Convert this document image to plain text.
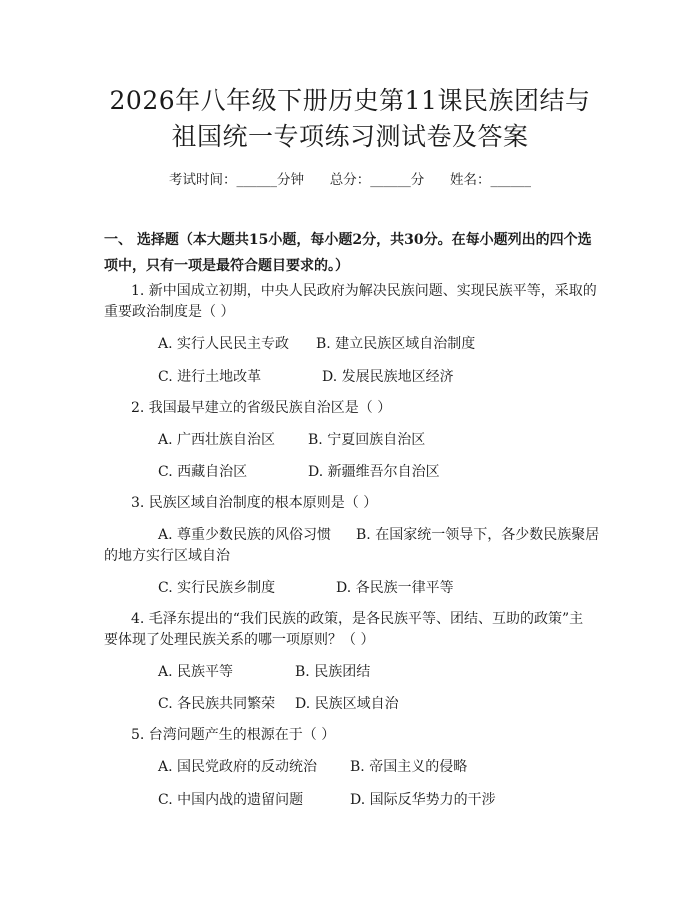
2026年八年级下册历史第11课民族团结与
祖国统一专项练习测试卷及答案
考试时间：______分钟      总分：______分      姓名：______
一、 选择题（本大题共15小题，每小题2分，共30分。在每小题列出的四个选
项中，只有一项是最符合题目要求的。）
1. 新中国成立初期，中央人民政府为解决民族问题、实现民族平等，采取的
重要政治制度是（ ）
A. 实行人民民主专政 B. 建立民族区域自治制度
C. 进行土地改革	D. 发展民族地区经济
2. 我国最早建立的省级民族自治区是（ ）
A. 广西壮族自治区 B. 宁夏回族自治区
C. 西藏自治区	D. 新疆维吾尔自治区
3. 民族区域自治制度的根本原则是（ ）
A. 尊重少数民族的风俗习惯 B. 在国家统一领导下，各少数民族聚居
的地方实行区域自治
C. 实行民族乡制度	D. 各民族一律平等
4. 毛泽东提出的“我们民族的政策，是各民族平等、团结、互助的政策”主
要体现了处理民族关系的哪一项原则？（ ）
A. 民族平等	B. 民族团结
C. 各民族共同繁荣 D. 民族区域自治
5. 台湾问题产生的根源在于（ ）
A. 国民党政府的反动统治 B. 帝国主义的侵略
C. 中国内战的遗留问题	D. 国际反华势力的干涉
